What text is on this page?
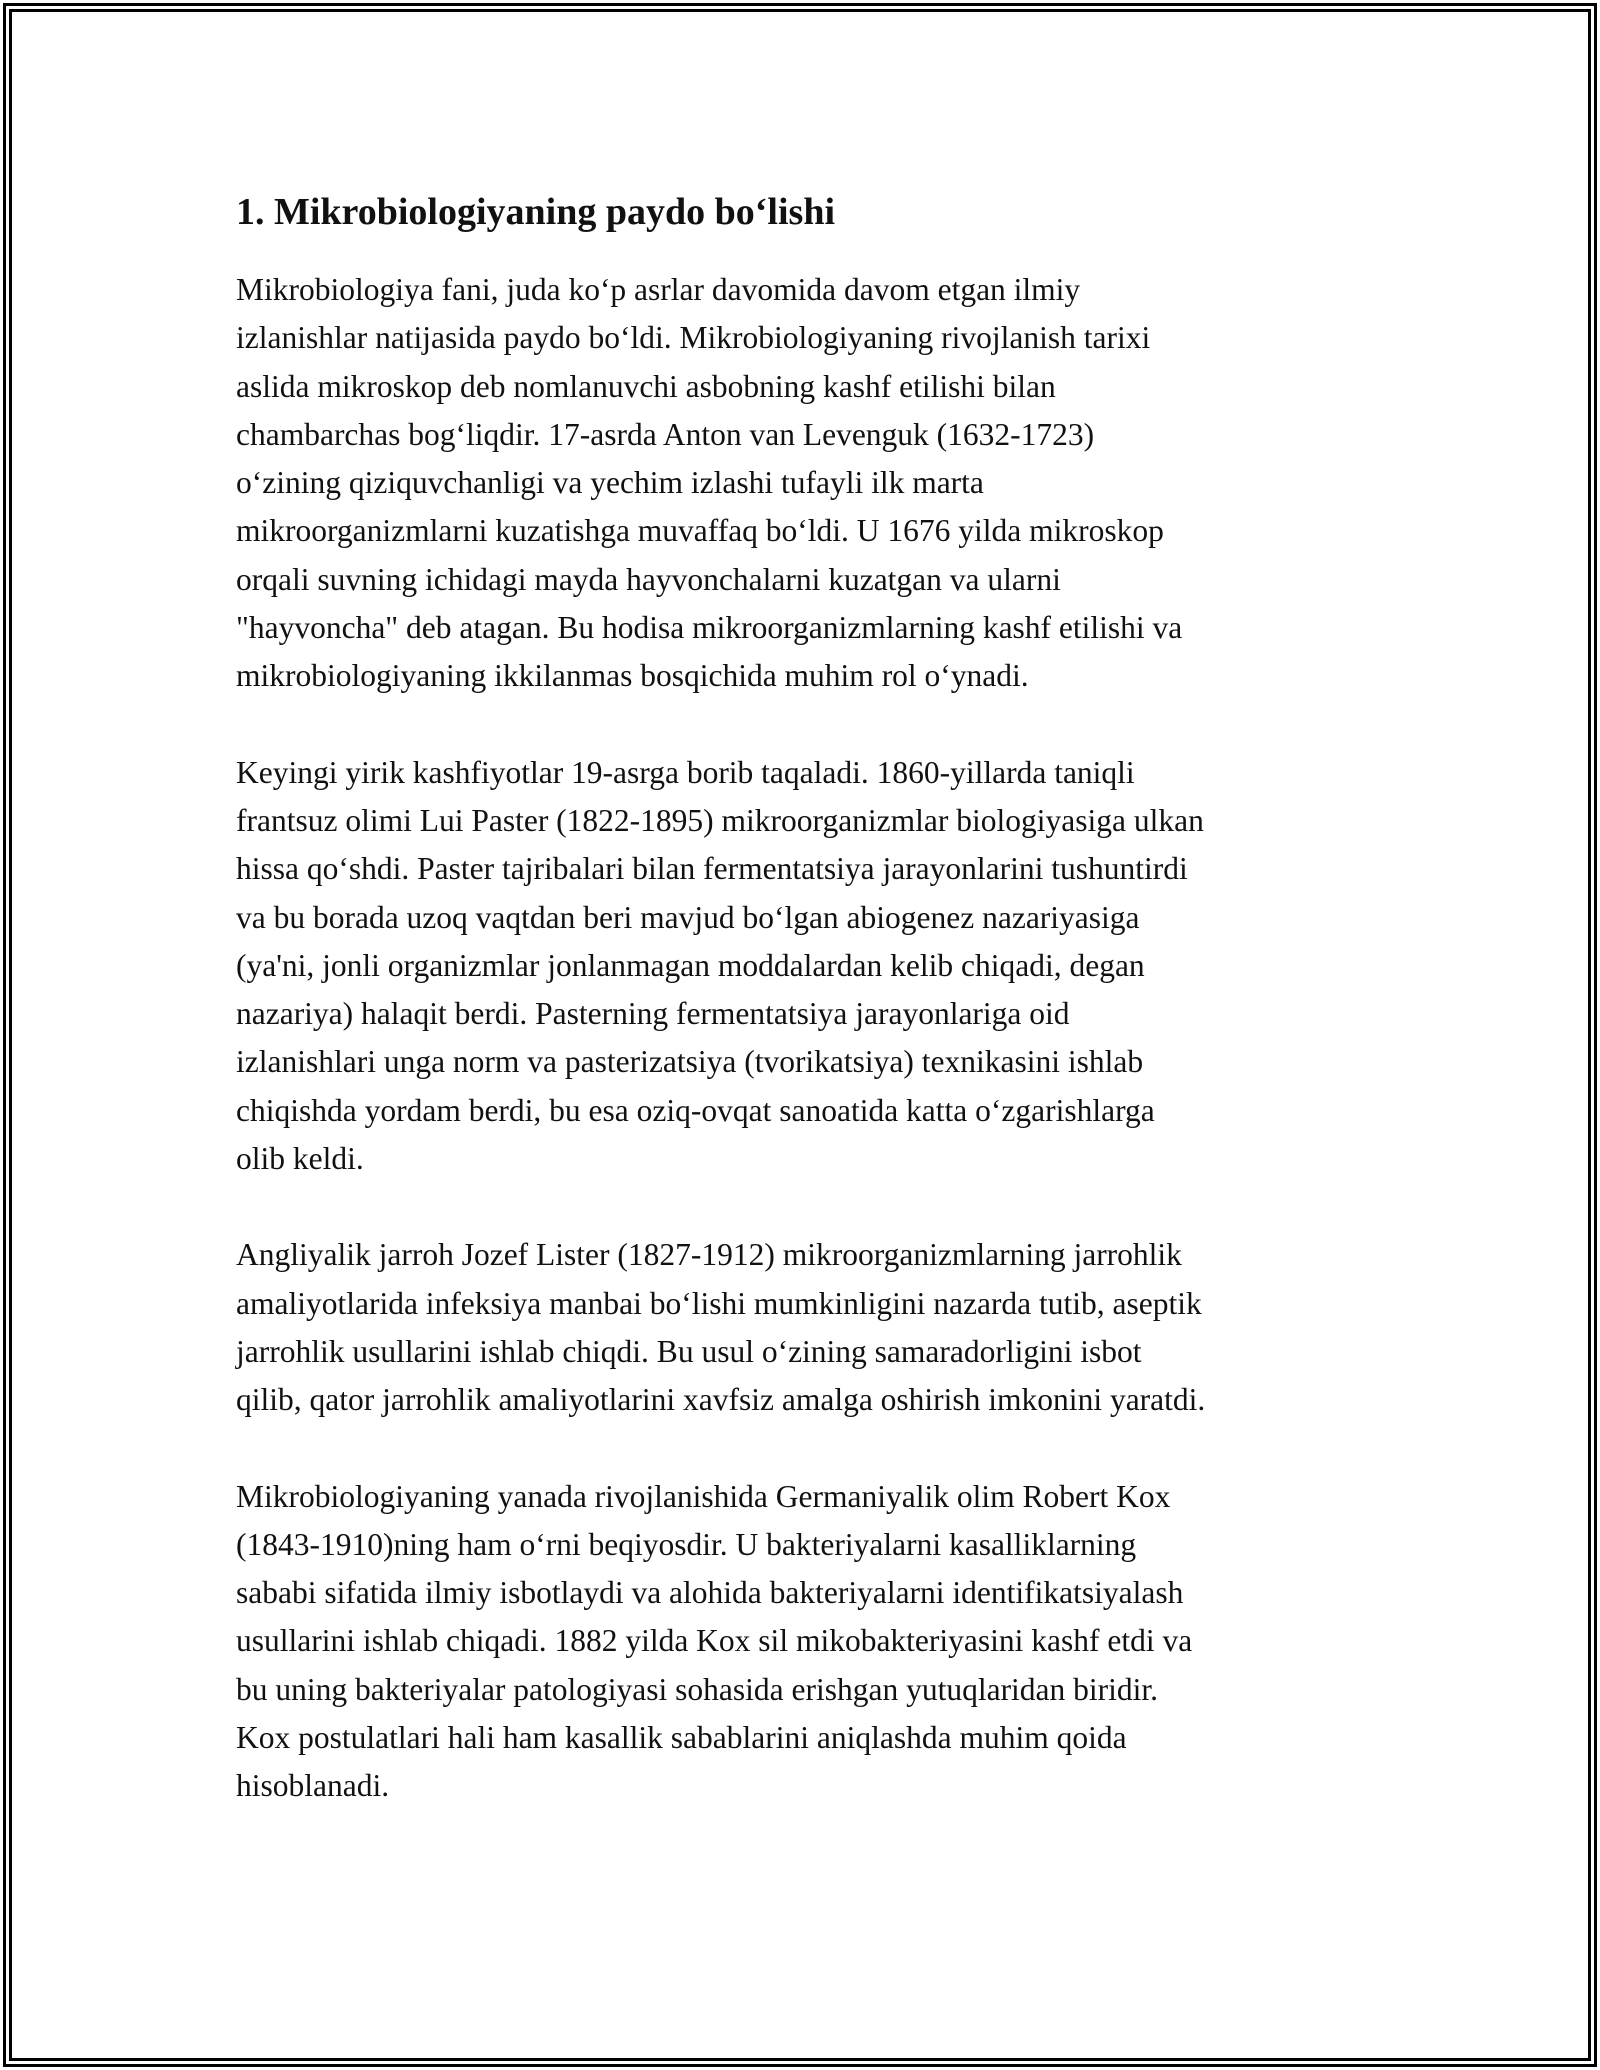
1. Mikrobiologiyaning paydo bo‘lishi

Mikrobiologiya fani, juda ko‘p asrlar davomida davom etgan ilmiy
izlanishlar natijasida paydo bo‘ldi. Mikrobiologiyaning rivojlanish tarixi
aslida mikroskop deb nomlanuvchi asbobning kashf etilishi bilan
chambarchas bog‘liqdir. 17-asrda Anton van Levenguk (1632-1723)
o‘zining qiziquvchanligi va yechim izlashi tufayli ilk marta
mikroorganizmlarni kuzatishga muvaffaq bo‘ldi. U 1676 yilda mikroskop
orqali suvning ichidagi mayda hayvonchalarni kuzatgan va ularni
"hayvoncha" deb atagan. Bu hodisa mikroorganizmlarning kashf etilishi va
mikrobiologiyaning ikkilanmas bosqichida muhim rol o‘ynadi.

Keyingi yirik kashfiyotlar 19-asrga borib taqaladi. 1860-yillarda taniqli
frantsuz olimi Lui Paster (1822-1895) mikroorganizmlar biologiyasiga ulkan
hissa qo‘shdi. Paster tajribalari bilan fermentatsiya jarayonlarini tushuntirdi
va bu borada uzoq vaqtdan beri mavjud bo‘lgan abiogenez nazariyasiga
(ya'ni, jonli organizmlar jonlanmagan moddalardan kelib chiqadi, degan
nazariya) halaqit berdi. Pasterning fermentatsiya jarayonlariga oid
izlanishlari unga norm va pasterizatsiya (tvorikatsiya) texnikasini ishlab
chiqishda yordam berdi, bu esa oziq-ovqat sanoatida katta o‘zgarishlarga
olib keldi.

Angliyalik jarroh Jozef Lister (1827-1912) mikroorganizmlarning jarrohlik
amaliyotlarida infeksiya manbai bo‘lishi mumkinligini nazarda tutib, aseptik
jarrohlik usullarini ishlab chiqdi. Bu usul o‘zining samaradorligini isbot
qilib, qator jarrohlik amaliyotlarini xavfsiz amalga oshirish imkonini yaratdi.

Mikrobiologiyaning yanada rivojlanishida Germaniyalik olim Robert Kox
(1843-1910)ning ham o‘rni beqiyosdir. U bakteriyalarni kasalliklarning
sababi sifatida ilmiy isbotlaydi va alohida bakteriyalarni identifikatsiyalash
usullarini ishlab chiqadi. 1882 yilda Kox sil mikobakteriyasini kashf etdi va
bu uning bakteriyalar patologiyasi sohasida erishgan yutuqlaridan biridir.
Kox postulatlari hali ham kasallik sabablarini aniqlashda muhim qoida
hisoblanadi.
